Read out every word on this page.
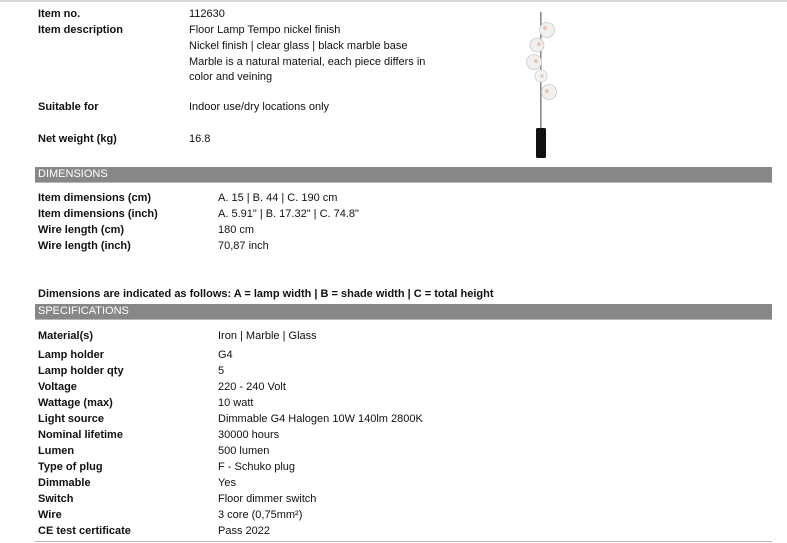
Item no.	112630
Item description	Floor Lamp Tempo nickel finish
Nickel finish | clear glass | black marble base
Marble is a natural material, each piece differs in
color and veining
Suitable for	Indoor use/dry locations only
Net weight (kg)	16.8
DIMENSIONS
Item dimensions (cm)	A. 15 | B. 44 | C. 190 cm
Item dimensions (inch)	A. 5.91" | B. 17.32" | C. 74.8"
Wire length (cm)	180 cm
Wire length (inch)	70,87 inch
Dimensions are indicated as follows: A = lamp width | B = shade width | C = total height
SPECIFICATIONS
Material(s)	Iron | Marble | Glass
Lamp holder	G4
Lamp holder qty	5
Voltage	220 - 240 Volt
Wattage (max)	10 watt
Light source	Dimmable G4 Halogen 10W 140lm 2800K
Nominal lifetime	30000 hours
Lumen	500 lumen
Type of plug	F - Schuko plug
Dimmable	Yes
Switch	Floor dimmer switch
Wire	3 core (0,75mm²)
CE test certificate	Pass 2022
